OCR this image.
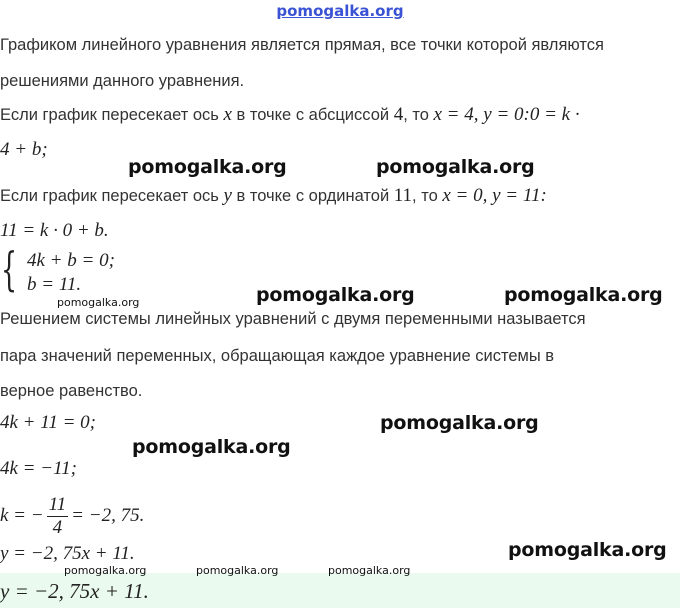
pomogalka.org
Графиком линейного уравнения является прямая, все точки которой являются
решениями данного уравнения.
Если график пересекает ось x в точке с абсциссой 4, то x = 4, y = 0:0 = k ·
4 + b;
pomogalka.org	pomogalka.org
Если график пересекает ось y в точке с ординатой 11, то x = 0, y = 11:
11 = k · 0 + b.
{ 4k + b = 0;
b = 11.
pomogalka.org	pomogalka.org	pomogalka.org
Решением системы линейных уравнений с двумя переменными называется
пара значений переменных, обращающая каждое уравнение системы в
верное равенство.
4k + 11 = 0;	pomogalka.org
pomogalka.org
4k = −11;
k = − $\frac{11}{4} = -2$, 75.
y = −2, 75x + 11.	pomogalka.org
pomogalka.org	pomogalka.org	pomogalka.org
y = −2, 75x + 11.
